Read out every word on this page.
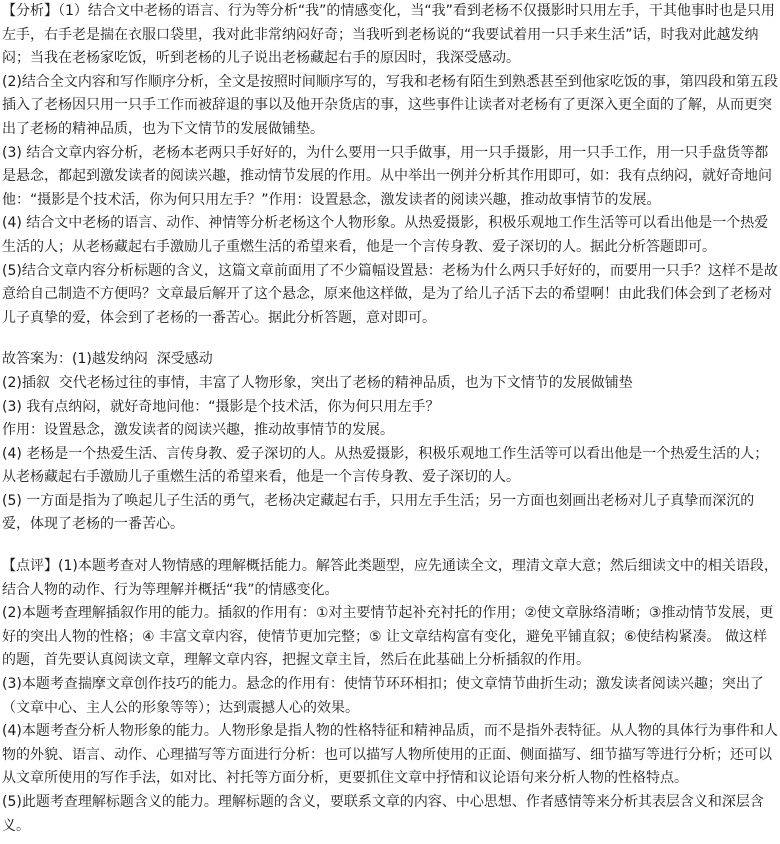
【分析】（1）结合文中老杨的语言、行为等分析“我”的情感变化，当“我”看到老杨不仅摄影时只用左手，干其他事时也是只用左手，右手老是揣在衣服口袋里，我对此非常纳闷好奇；当我听到老杨说的“我要试着用一只手来生活”话，时我对此越发纳闷；当我在老杨家吃饭，听到老杨的儿子说出老杨藏起右手的原因时，我深受感动。
(2)结合全文内容和写作顺序分析，全文是按照时间顺序写的，写我和老杨有陌生到熟悉甚至到他家吃饭的事，第四段和第五段插入了老杨因只用一只手工作而被辞退的事以及他开杂货店的事，这些事件让读者对老杨有了更深入更全面的了解，从而更突出了老杨的精神品质，也为下文情节的发展做铺垫。
(3) 结合文章内容分析，老杨本老两只手好好的，为什么要用一只手做事，用一只手摄影，用一只手工作，用一只手盘货等都是悬念，都起到激发读者的阅读兴趣，推动情节发展的作用。从中举出一例并分析其作用即可，如：我有点纳闷，就好奇地问他：“摄影是个技术活，你为何只用左手？”作用：设置悬念，激发读者的阅读兴趣，推动故事情节的发展。
(4) 结合文中老杨的语言、动作、神情等分析老杨这个人物形象。从热爱摄影，积极乐观地工作生活等可以看出他是一个热爱生活的人；从老杨藏起右手激励儿子重燃生活的希望来看，他是一个言传身教、爱子深切的人。据此分析答题即可。
(5)结合文章内容分析标题的含义，这篇文章前面用了不少篇幅设置悬：老杨为什么两只手好好的，而要用一只手？这样不是故意给自己制造不方便吗？文章最后解开了这个悬念，原来他这样做，是为了给儿子活下去的希望啊！由此我们体会到了老杨对儿子真挚的爱，体会到了老杨的一番苦心。据此分析答题，意对即可。
故答案为：(1)越发纳闷  深受感动
(2)插叙  交代老杨过往的事情，丰富了人物形象，突出了老杨的精神品质，也为下文情节的发展做铺垫
(3) 我有点纳闷，就好奇地问他：“摄影是个技术活，你为何只用左手？
作用：设置悬念，激发读者的阅读兴趣，推动故事情节的发展。
(4) 老杨是一个热爱生活、言传身教、爱子深切的人。从热爱摄影，积极乐观地工作生活等可以看出他是一个热爱生活的人；从老杨藏起右手激励儿子重燃生活的希望来看，他是一个言传身教、爱子深切的人。
(5) 一方面是指为了唤起儿子生活的勇气，老杨决定藏起右手，只用左手生活；另一方面也刻画出老杨对儿子真挚而深沉的爱，体现了老杨的一番苦心。
【点评】(1)本题考查对人物情感的理解概括能力。解答此类题型，应先通读全文，理清文章大意；然后细读文中的相关语段，结合人物的动作、行为等理解并概括“我”的情感变化。
(2)本题考查理解插叙作用的能力。插叙的作用有：①对主要情节起补充衬托的作用；②使文章脉络清晰；③推动情节发展，更好的突出人物的性格；④ 丰富文章内容，使情节更加完整；⑤ 让文章结构富有变化，避免平铺直叙；⑥使结构紧凑。 做这样的题，首先要认真阅读文章，理解文章内容，把握文章主旨，然后在此基础上分析插叙的作用。
(3)本题考查揣摩文章创作技巧的能力。悬念的作用有：使情节环环相扣；使文章情节曲折生动；激发读者阅读兴趣；突出了（文章中心、主人公的形象等等）；达到震撼人心的效果。
(4)本题考查分析人物形象的能力。人物形象是指人物的性格特征和精神品质，而不是指外表特征。从人物的具体行为事件和人物的外貌、语言、动作、心理描写等方面进行分析：也可以描写人物所使用的正面、侧面描写、细节描写等进行分析；还可以从文章所使用的写作手法，如对比、衬托等方面分析，更要抓住文章中抒情和议论语句来分析人物的性格特点。
(5)此题考查理解标题含义的能力。理解标题的含义，要联系文章的内容、中心思想、作者感情等来分析其表层含义和深层含义。
